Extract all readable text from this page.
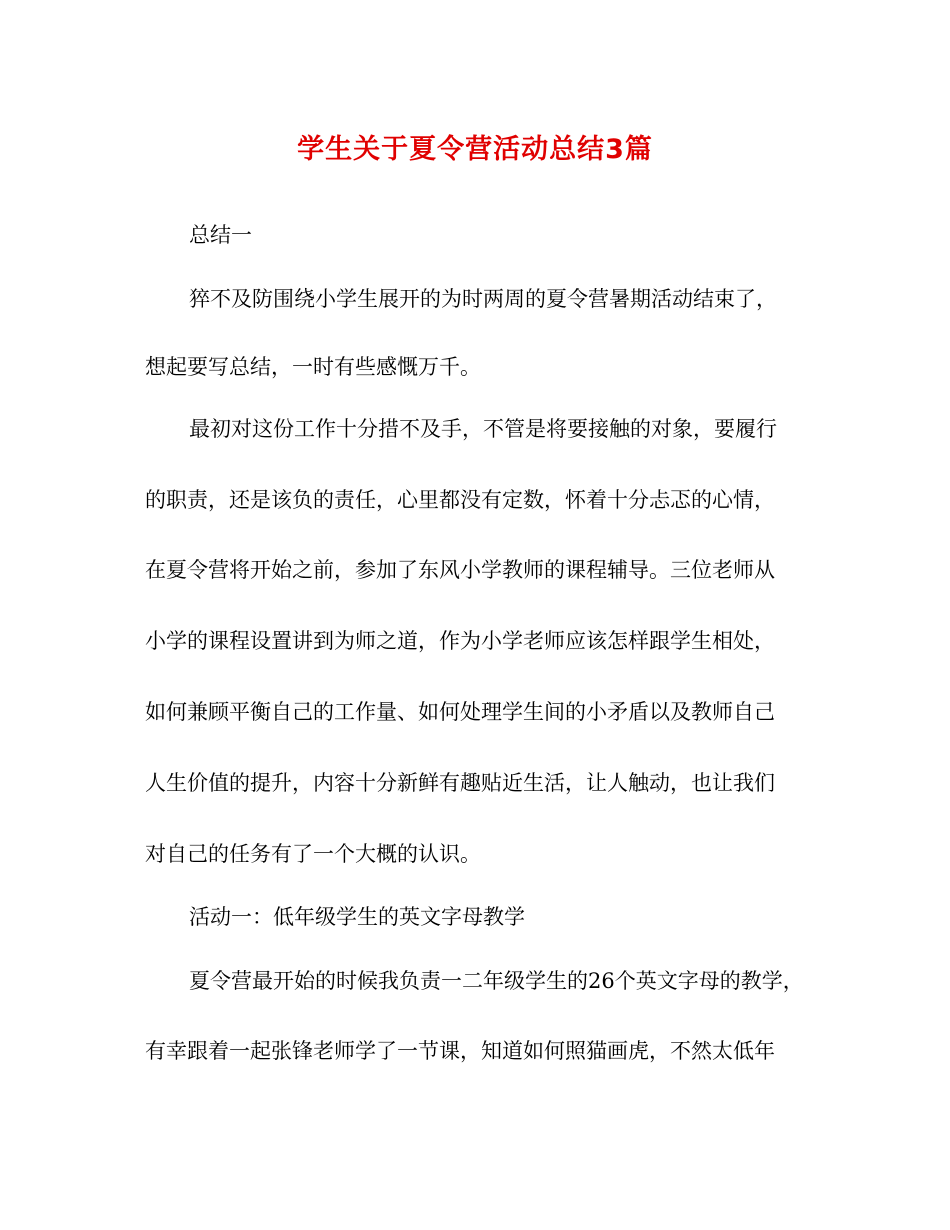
学生关于夏令营活动总结3篇
总结一
猝不及防围绕小学生展开的为时两周的夏令营暑期活动结束了，
想起要写总结，一时有些感慨万千。
最初对这份工作十分措不及手，不管是将要接触的对象，要履行
的职责，还是该负的责任，心里都没有定数，怀着十分忐忑的心情，
在夏令营将开始之前，参加了东风小学教师的课程辅导。三位老师从
小学的课程设置讲到为师之道，作为小学老师应该怎样跟学生相处，
如何兼顾平衡自己的工作量、如何处理学生间的小矛盾以及教师自己
人生价值的提升，内容十分新鲜有趣贴近生活，让人触动，也让我们
对自己的任务有了一个大概的认识。
活动一：低年级学生的英文字母教学
夏令营最开始的时候我负责一二年级学生的26个英文字母的教学，
有幸跟着一起张锋老师学了一节课，知道如何照猫画虎，不然太低年
